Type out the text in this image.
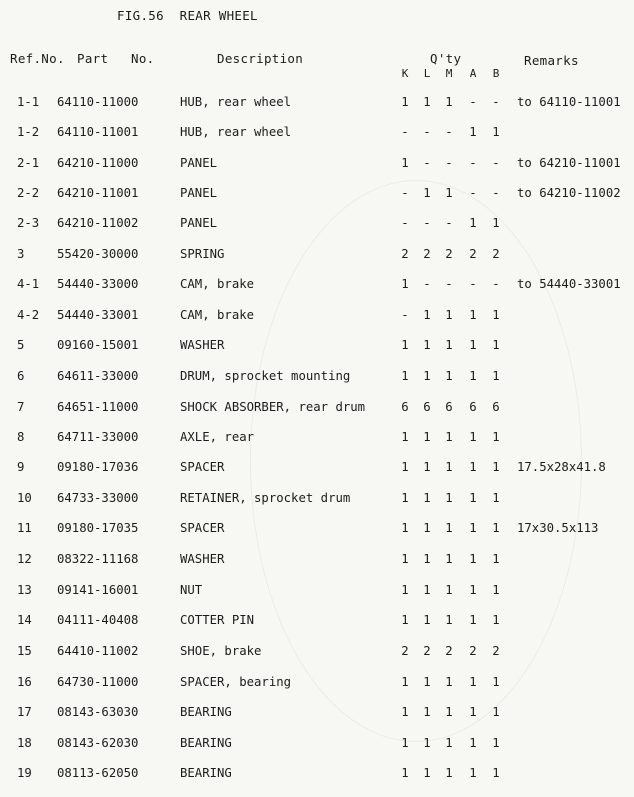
FIG.56 REAR WHEEL
Ref.No. Part No.	Description	Q'ty	Remarks
K	L	M	A	B
1-1 64110-11000	HUB, rear wheel	1	1	1	-	-	to 64110-11001
1-2 64110-11001	HUB, rear wheel	-	-	-	1	1
2-1 64210-11000	PANEL	1	-	-	-	-	to 64210-11001
2-2 64210-11001	PANEL	-	1	1	-	-	to 64210-11002
2-3 64210-11002	PANEL	-	-	-	1	1
3	55420-30000	SPRING	2	2	2	2	2
4-1 54440-33000	CAM, brake	1	-	-	-	-	to 54440-33001
4-2 54440-33001	CAM, brake	-	1	1	1	1
5	09160-15001	WASHER	1	1	1	1	1
6	64611-33000	DRUM, sprocket mounting	1	1	1	1	1
7	64651-11000	SHOCK ABSORBER, rear drum	6	6	6	6	6
8	64711-33000	AXLE, rear	1	1	1	1	1
9	09180-17036	SPACER	1	1	1	1	1	17.5x28x41.8
10 64733-33000	RETAINER, sprocket drum	1	1	1	1	1
11 09180-17035	SPACER	1	1	1	1	1	17x30.5x113
12 08322-11168	WASHER	1	1	1	1	1
13 09141-16001	NUT	1	1	1	1	1
14 04111-40408	COTTER PIN	1	1	1	1	1
15 64410-11002	SHOE, brake	2	2	2	2	2
16 64730-11000	SPACER, bearing	1	1	1	1	1
17 08143-63030	BEARING	1	1	1	1	1
18 08143-62030	BEARING	1	1	1	1	1
19 08113-62050	BEARING	1	1	1	1	1
